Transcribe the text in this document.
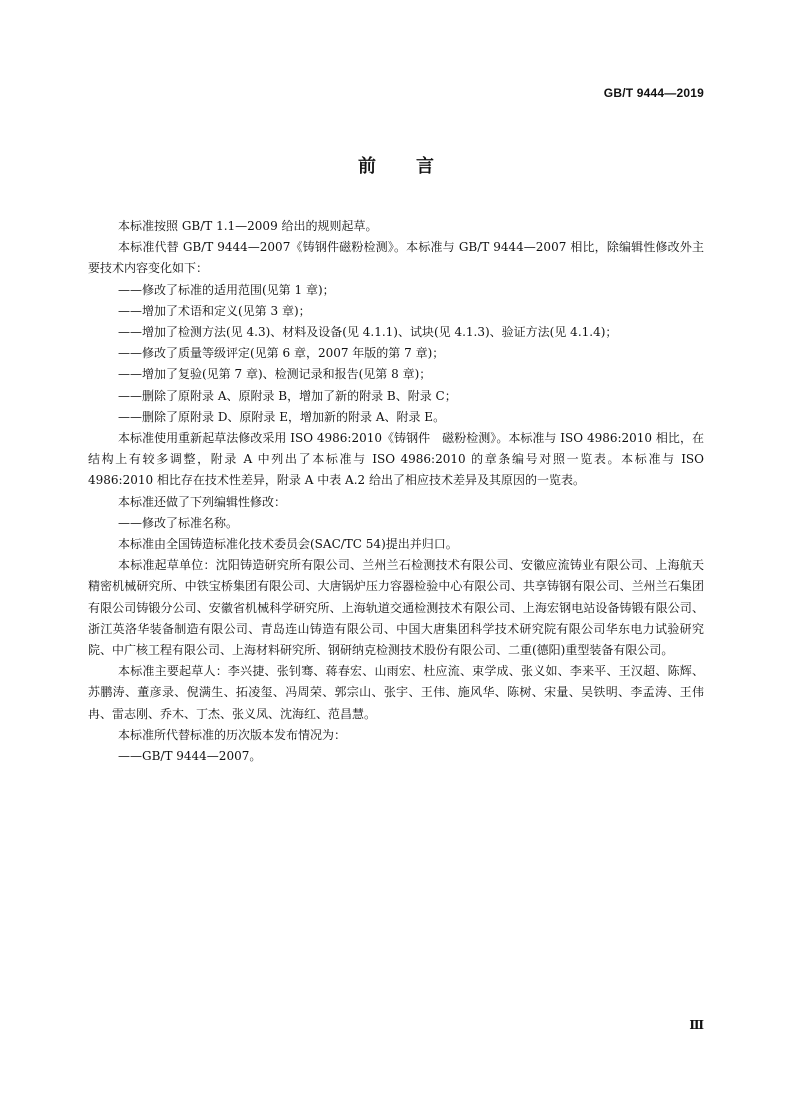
GB/T 9444—2019
前言

本标准按照 GB/T 1.1—2009 给出的规则起草。

本标准代替 GB/T 9444—2007《铸钢件磁粉检测》。本标准与 GB/T 9444—2007 相比，除编辑性修改外主要技术内容变化如下：

——修改了标准的适用范围(见第 1 章)；

——增加了术语和定义(见第 3 章)；

——增加了检测方法(见 4.3)、材料及设备(见 4.1.1)、试块(见 4.1.3)、验证方法(见 4.1.4)；

——修改了质量等级评定(见第 6 章，2007 年版的第 7 章)；

——增加了复验(见第 7 章)、检测记录和报告(见第 8 章)；

——删除了原附录 A、原附录 B，增加了新的附录 B、附录 C；

——删除了原附录 D、原附录 E，增加新的附录 A、附录 E。

本标准使用重新起草法修改采用 ISO 4986:2010《铸钢件　磁粉检测》。本标准与 ISO 4986:2010 相比，在结构上有较多调整，附录 A 中列出了本标准与 ISO 4986:2010 的章条编号对照一览表。本标准与 ISO 4986:2010 相比存在技术性差异，附录 A 中表 A.2 给出了相应技术差异及其原因的一览表。

本标准还做了下列编辑性修改：

——修改了标准名称。

本标准由全国铸造标准化技术委员会(SAC/TC 54)提出并归口。

本标准起草单位：沈阳铸造研究所有限公司、兰州兰石检测技术有限公司、安徽应流铸业有限公司、上海航天精密机械研究所、中铁宝桥集团有限公司、大唐锅炉压力容器检验中心有限公司、共享铸钢有限公司、兰州兰石集团有限公司铸锻分公司、安徽省机械科学研究所、上海轨道交通检测技术有限公司、上海宏钢电站设备铸锻有限公司、浙江英洛华装备制造有限公司、青岛连山铸造有限公司、中国大唐集团科学技术研究院有限公司华东电力试验研究院、中广核工程有限公司、上海材料研究所、钢研纳克检测技术股份有限公司、二重(德阳)重型装备有限公司。

本标准主要起草人：李兴捷、张钊骞、蒋春宏、山雨宏、杜应流、束学成、张义如、李来平、王汉超、陈辉、苏鹏涛、董彦录、倪满生、拓凌玺、冯周荣、郭宗山、张宇、王伟、施风华、陈树、宋量、吴铁明、李孟涛、王伟冉、雷志刚、乔木、丁杰、张义凤、沈海红、范昌慧。

本标准所代替标准的历次版本发布情况为：

——GB/T 9444—2007。

Ⅲ
